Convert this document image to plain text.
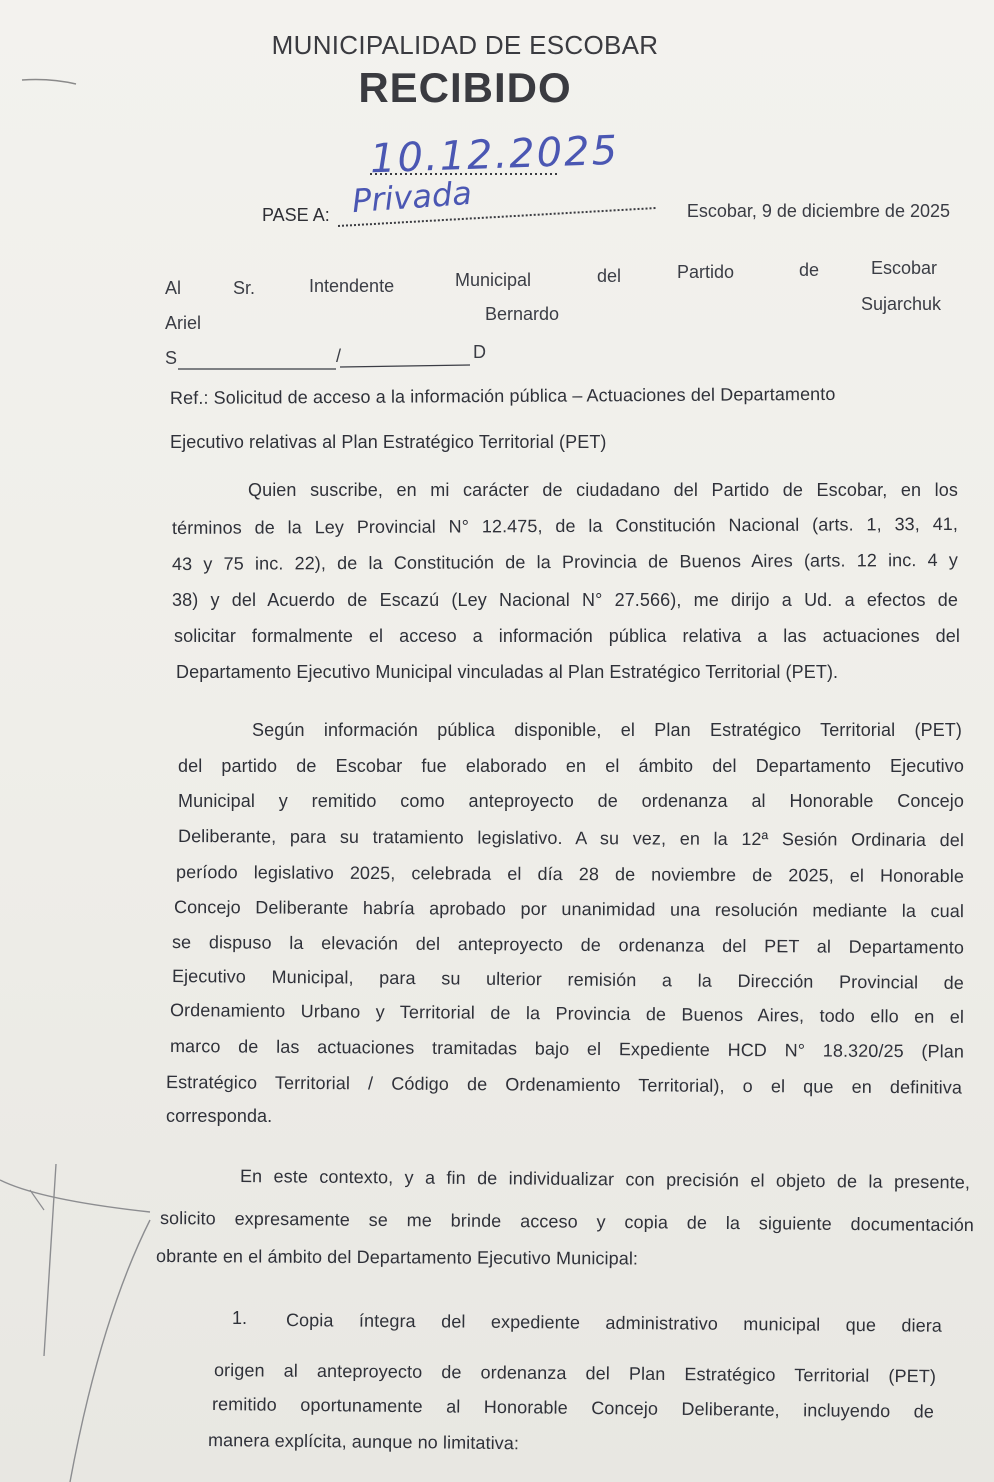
MUNICIPALIDAD DE ESCOBAR
RECIBIDO
10.12.2025
PASE A: Privada	Escobar, 9 de diciembre de 2025
Al	Sr.	Intendente	Municipal	del	Partido	de	Escobar
Ariel	Bernardo	Sujarchuk
S	/	D
Ref.: Solicitud de acceso a la información pública – Actuaciones del Departamento
Ejecutivo relativas al Plan Estratégico Territorial (PET)
Quien suscribe, en mi carácter de ciudadano del Partido de Escobar, en los
términos de la Ley Provincial N° 12.475, de la Constitución Nacional (arts. 1, 33, 41,
43 y 75 inc. 22), de la Constitución de la Provincia de Buenos Aires (arts. 12 inc. 4 y
38) y del Acuerdo de Escazú (Ley Nacional N° 27.566), me dirijo a Ud. a efectos de
solicitar formalmente el acceso a información pública relativa a las actuaciones del
Departamento Ejecutivo Municipal vinculadas al Plan Estratégico Territorial (PET).
Según información pública disponible, el Plan Estratégico Territorial (PET)
del partido de Escobar fue elaborado en el ámbito del Departamento Ejecutivo
Municipal y remitido como anteproyecto de ordenanza al Honorable Concejo
Deliberante, para su tratamiento legislativo. A su vez, en la 12ª Sesión Ordinaria del
período legislativo 2025, celebrada el día 28 de noviembre de 2025, el Honorable
Concejo Deliberante habría aprobado por unanimidad una resolución mediante la cual
se dispuso la elevación del anteproyecto de ordenanza del PET al Departamento
Ejecutivo Municipal, para su ulterior remisión a la Dirección Provincial de
Ordenamiento Urbano y Territorial de la Provincia de Buenos Aires, todo ello en el
marco de las actuaciones tramitadas bajo el Expediente HCD N° 18.320/25 (Plan
Estratégico Territorial / Código de Ordenamiento Territorial), o el que en definitiva
corresponda.
En este contexto, y a fin de individualizar con precisión el objeto de la presente,
solicito expresamente se me brinde acceso y copia de la siguiente documentación
obrante en el ámbito del Departamento Ejecutivo Municipal:
1. Copia íntegra del expediente administrativo municipal que diera
origen al anteproyecto de ordenanza del Plan Estratégico Territorial (PET)
remitido oportunamente al Honorable Concejo Deliberante, incluyendo de
manera explícita, aunque no limitativa:
